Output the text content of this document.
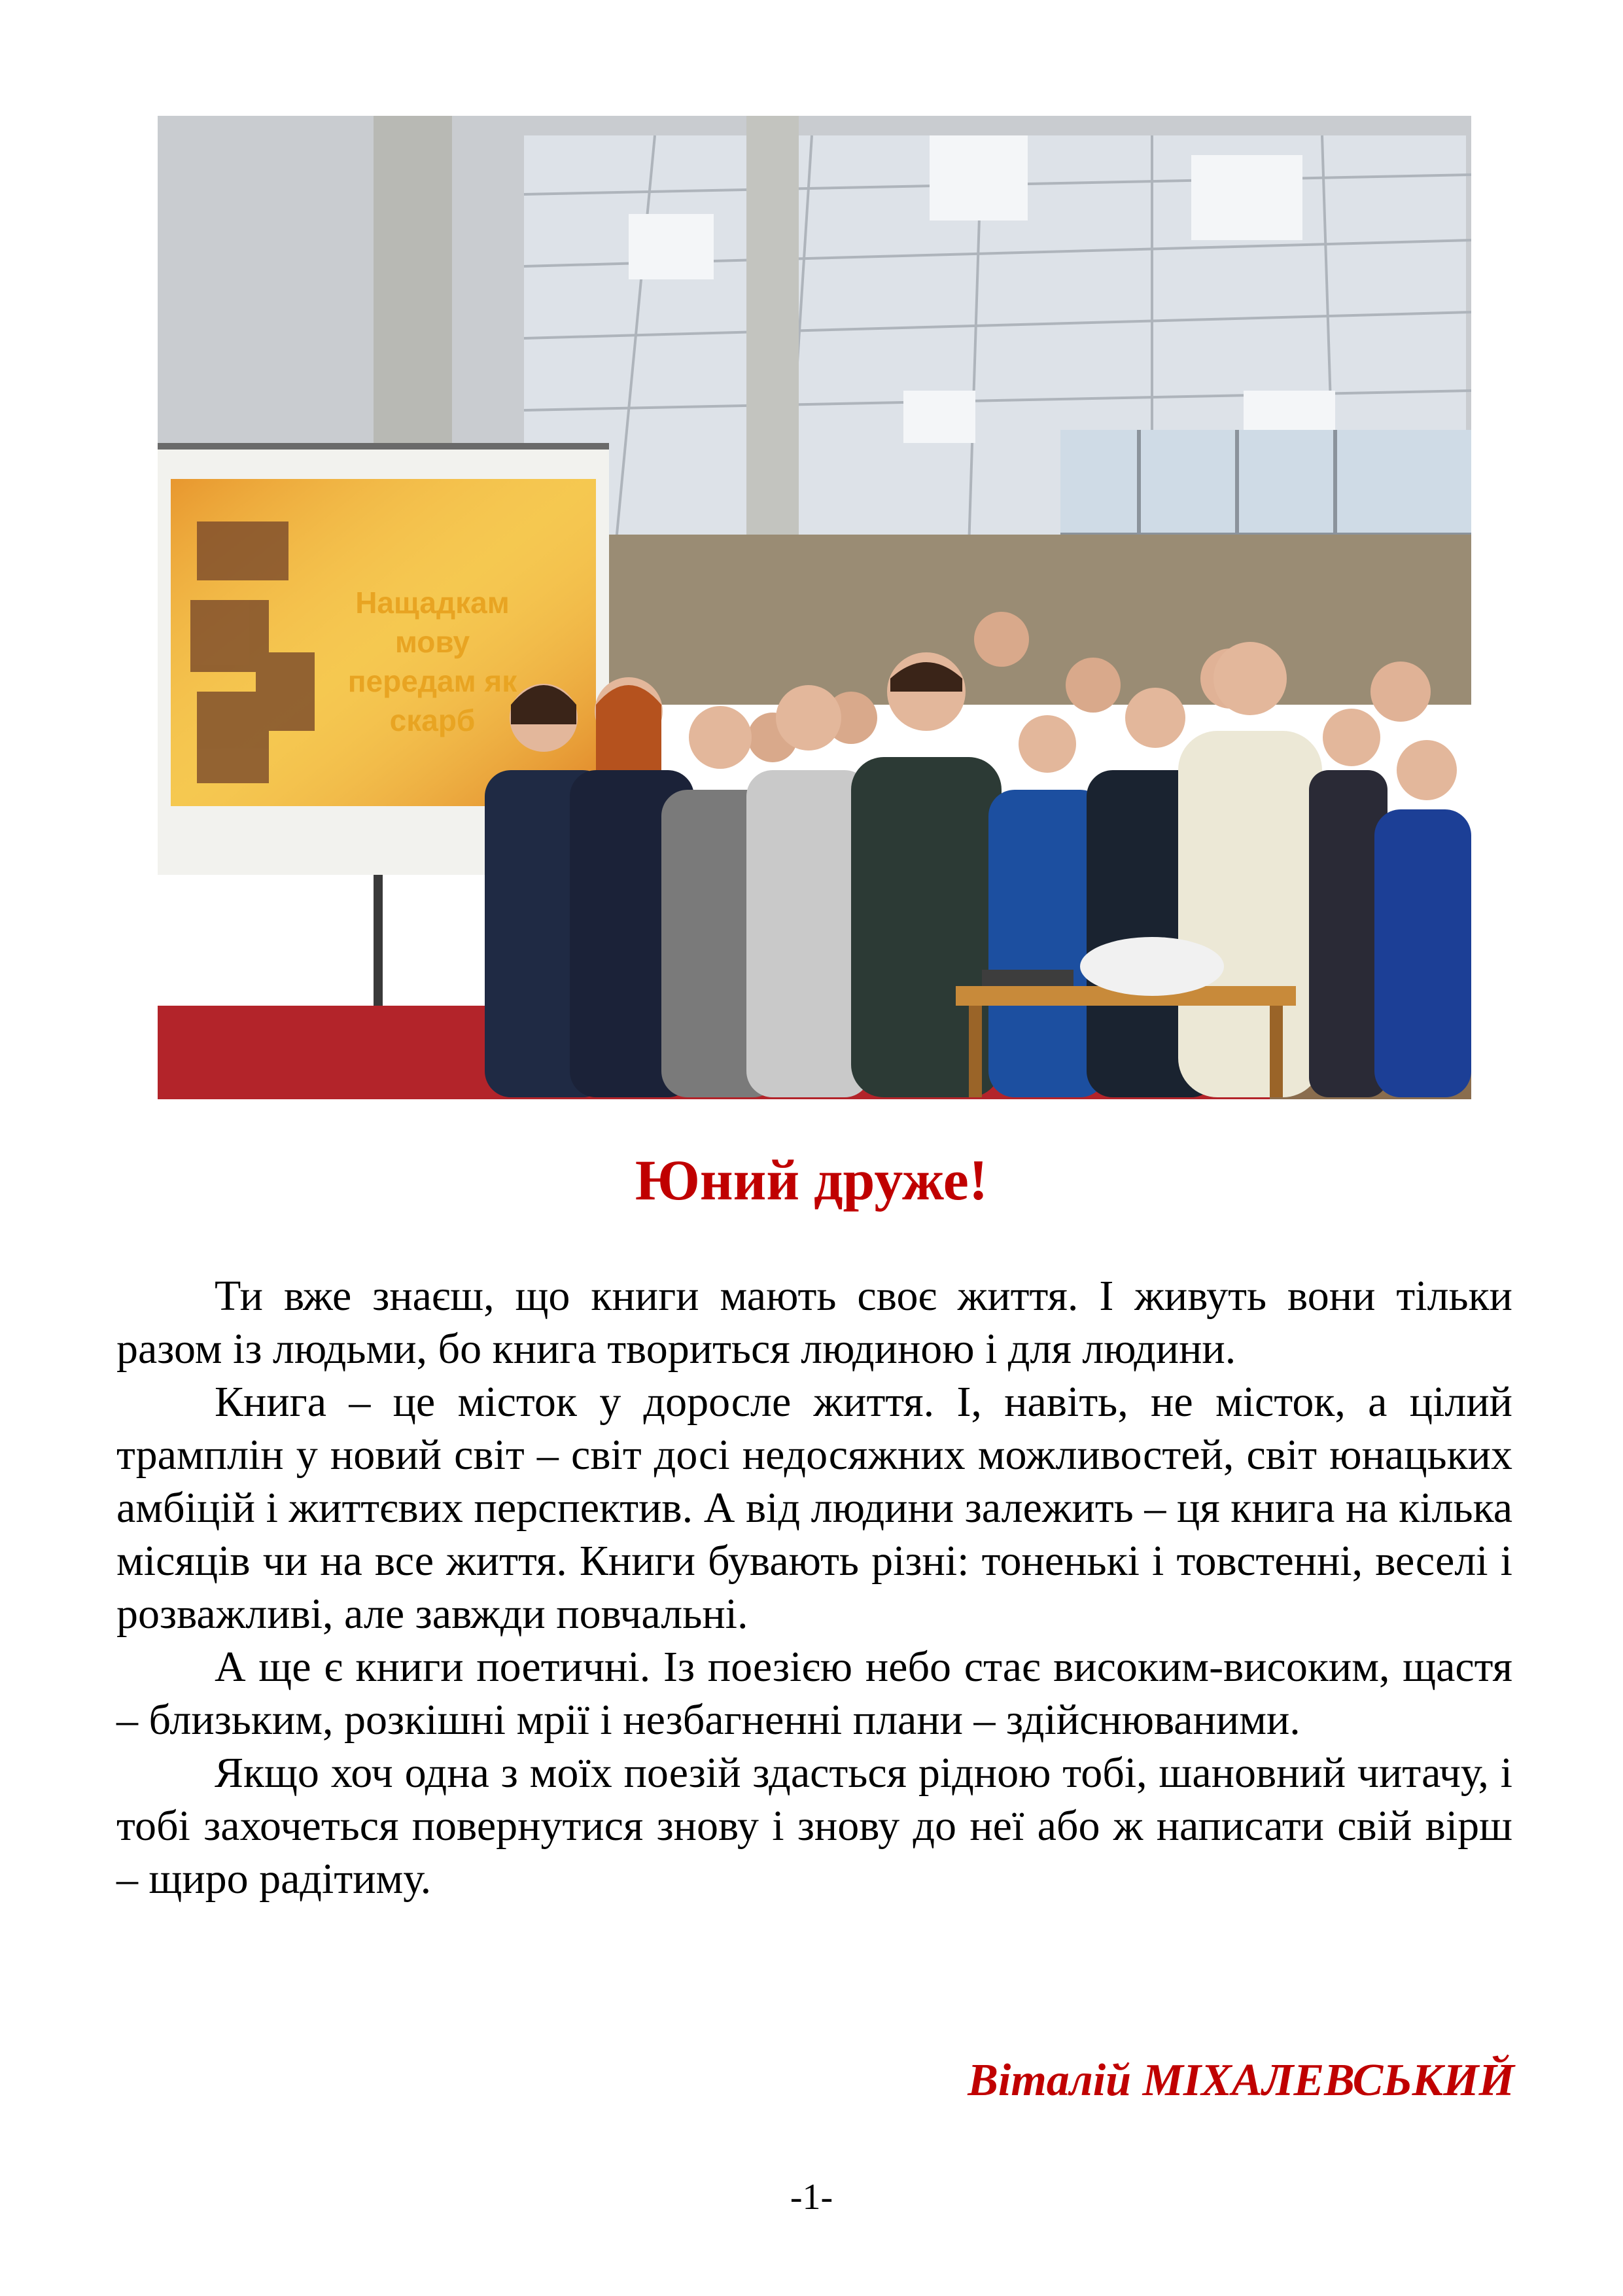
Нащадкам
мову
передам як
скарб
Юний друже!

Ти вже знаєш, що книги мають своє життя. І живуть вони тільки разом із людьми, бо книга твориться людиною і для людини.

Книга – це місток у доросле життя. І, навіть, не місток, а цілий трамплін у новий світ – світ досі недосяжних можливостей, світ юнацьких амбіцій і життєвих перспектив. А від людини залежить – ця книга на кілька місяців чи на все життя. Книги бувають різні: тоненькі і товстенні, веселі і розважливі, але завжди повчальні.

А ще є книги поетичні. Із поезією небо стає високим-високим, щастя – близьким, розкішні мрії і незбагненні плани – здійснюваними.

Якщо хоч одна з моїх поезій здасться рідною тобі, шановний читачу, і тобі захочеться повернутися знову і знову до неї або ж написати свій вірш – щиро радітиму.

Віталій МІХАЛЕВСЬКИЙ
-1-
